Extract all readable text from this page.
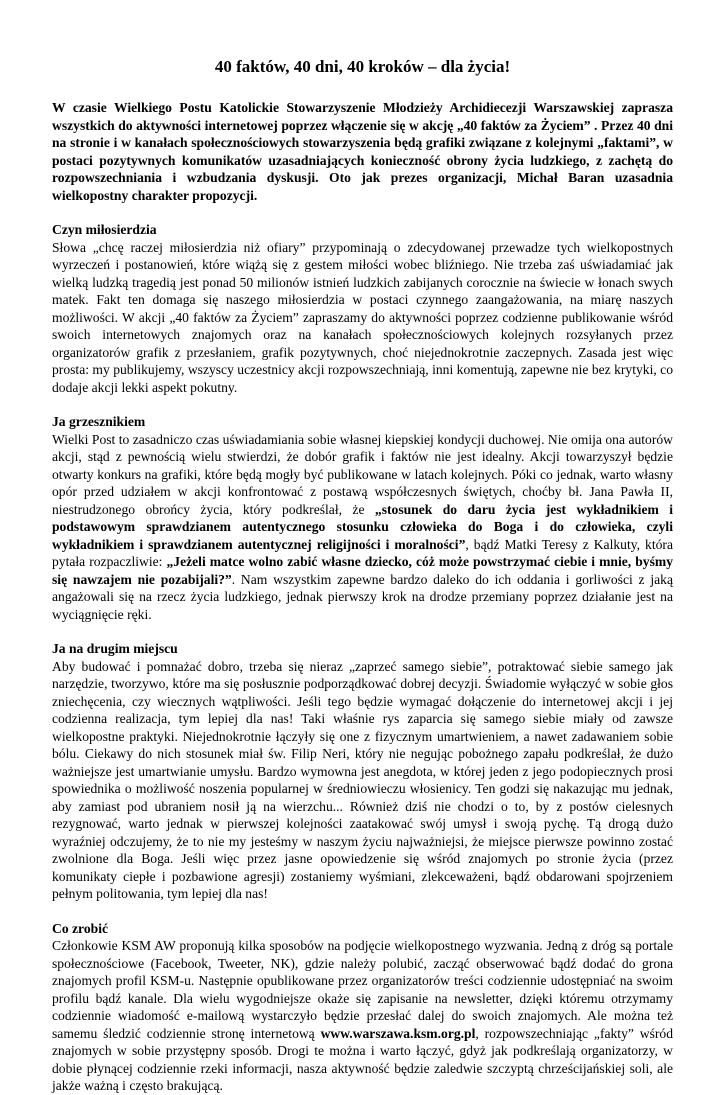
40 faktów, 40 dni, 40 kroków – dla życia!

W czasie Wielkiego Postu Katolickie Stowarzyszenie Młodzieży Archidiecezji Warszawskiej zaprasza wszystkich do aktywności internetowej poprzez włączenie się w akcję „40 faktów za Życiem” . Przez 40 dni na stronie i w kanałach społecznościowych stowarzyszenia będą grafiki związane z kolejnymi „faktami”, w postaci pozytywnych komunikatów uzasadniających konieczność obrony życia ludzkiego, z zachętą do rozpowszechniania i wzbudzania dyskusji. Oto jak prezes organizacji, Michał Baran uzasadnia wielkopostny charakter propozycji.

Czyn miłosierdzia

Słowa „chcę raczej miłosierdzia niż ofiary” przypominają o zdecydowanej przewadze tych wielkopostnych wyrzeczeń i postanowień, które wiążą się z gestem miłości wobec bliźniego. Nie trzeba zaś uświadamiać jak wielką ludzką tragedią jest ponad 50 milionów istnień ludzkich zabijanych corocznie na świecie w łonach swych matek. Fakt ten domaga się naszego miłosierdzia w postaci czynnego zaangażowania, na miarę naszych możliwości. W akcji „40 faktów za Życiem” zapraszamy do aktywności poprzez codzienne publikowanie wśród swoich internetowych znajomych oraz na kanałach społecznościowych kolejnych rozsyłanych przez organizatorów grafik z przesłaniem, grafik pozytywnych, choć niejednokrotnie zaczepnych. Zasada jest więc prosta: my publikujemy, wszyscy uczestnicy akcji rozpowszechniają, inni komentują, zapewne nie bez krytyki, co dodaje akcji lekki aspekt pokutny.

Ja grzesznikiem

Wielki Post to zasadniczo czas uświadamiania sobie własnej kiepskiej kondycji duchowej. Nie omija ona autorów akcji, stąd z pewnością wielu stwierdzi, że dobór grafik i faktów nie jest idealny. Akcji towarzyszył będzie otwarty konkurs na grafiki, które będą mogły być publikowane w latach kolejnych. Póki co jednak, warto własny opór przed udziałem w akcji konfrontować z postawą współczesnych świętych, choćby bł. Jana Pawła II, niestrudzonego obrońcy życia, który podkreślał, że „stosunek do daru życia jest wykładnikiem i podstawowym sprawdzianem autentycznego stosunku człowieka do Boga i do człowieka, czyli wykładnikiem i sprawdzianem autentycznej religijności i moralności”, bądź Matki Teresy z Kalkuty, która pytała rozpaczliwie: „Jeżeli matce wolno zabić własne dziecko, cóż może powstrzymać ciebie i mnie, byśmy się nawzajem nie pozabijali?”. Nam wszystkim zapewne bardzo daleko do ich oddania i gorliwości z jaką angażowali się na rzecz życia ludzkiego, jednak pierwszy krok na drodze przemiany poprzez działanie jest na wyciągnięcie ręki.

Ja na drugim miejscu

Aby budować i pomnażać dobro, trzeba się nieraz „zaprzeć samego siebie”, potraktować siebie samego jak narzędzie, tworzywo, które ma się posłusznie podporządkować dobrej decyzji. Świadomie wyłączyć w sobie głos zniechęcenia, czy wiecznych wątpliwości. Jeśli tego będzie wymagać dołączenie do internetowej akcji i jej codzienna realizacja, tym lepiej dla nas! Taki właśnie rys zaparcia się samego siebie miały od zawsze wielkopostne praktyki. Niejednokrotnie łączyły się one z fizycznym umartwieniem, a nawet zadawaniem sobie bólu. Ciekawy do nich stosunek miał św. Filip Neri, który nie negując pobożnego zapału podkreślał, że dużo ważniejsze jest umartwianie umysłu. Bardzo wymowna jest anegdota, w której jeden z jego podopiecznych prosi spowiednika o możliwość noszenia popularnej w średniowieczu włosienicy. Ten godzi się nakazując mu jednak, aby zamiast pod ubraniem nosił ją na wierzchu... Również dziś nie chodzi o to, by z postów cielesnych rezygnować, warto jednak w pierwszej kolejności zaatakować swój umysł i swoją pychę. Tą drogą dużo wyraźniej odczujemy, że to nie my jesteśmy w naszym życiu najważniejsi, że miejsce pierwsze powinno zostać zwolnione dla Boga. Jeśli więc przez jasne opowiedzenie się wśród znajomych po stronie życia (przez komunikaty ciepłe i pozbawione agresji) zostaniemy wyśmiani, zlekceważeni, bądź obdarowani spojrzeniem pełnym politowania, tym lepiej dla nas!

Co zrobić

Członkowie KSM AW proponują kilka sposobów na podjęcie wielkopostnego wyzwania. Jedną z dróg są portale społecznościowe (Facebook, Tweeter, NK), gdzie należy polubić, zacząć obserwować bądź dodać do grona znajomych profil KSM-u. Następnie opublikowane przez organizatorów treści codziennie udostępniać na swoim profilu bądź kanale. Dla wielu wygodniejsze okaże się zapisanie na newsletter, dzięki któremu otrzymamy codziennie wiadomość e-mailową wystarczyło będzie przesłać dalej do swoich znajomych. Ale można też samemu śledzić codziennie stronę internetową www.warszawa.ksm.org.pl, rozpowszechniając „fakty” wśród znajomych w sobie przystępny sposób. Drogi te można i warto łączyć, gdyż jak podkreślają organizatorzy, w dobie płynącej codziennie rzeki informacji, nasza aktywność będzie zaledwie szczyptą chrześcijańskiej soli, ale jakże ważną i często brakującą.
